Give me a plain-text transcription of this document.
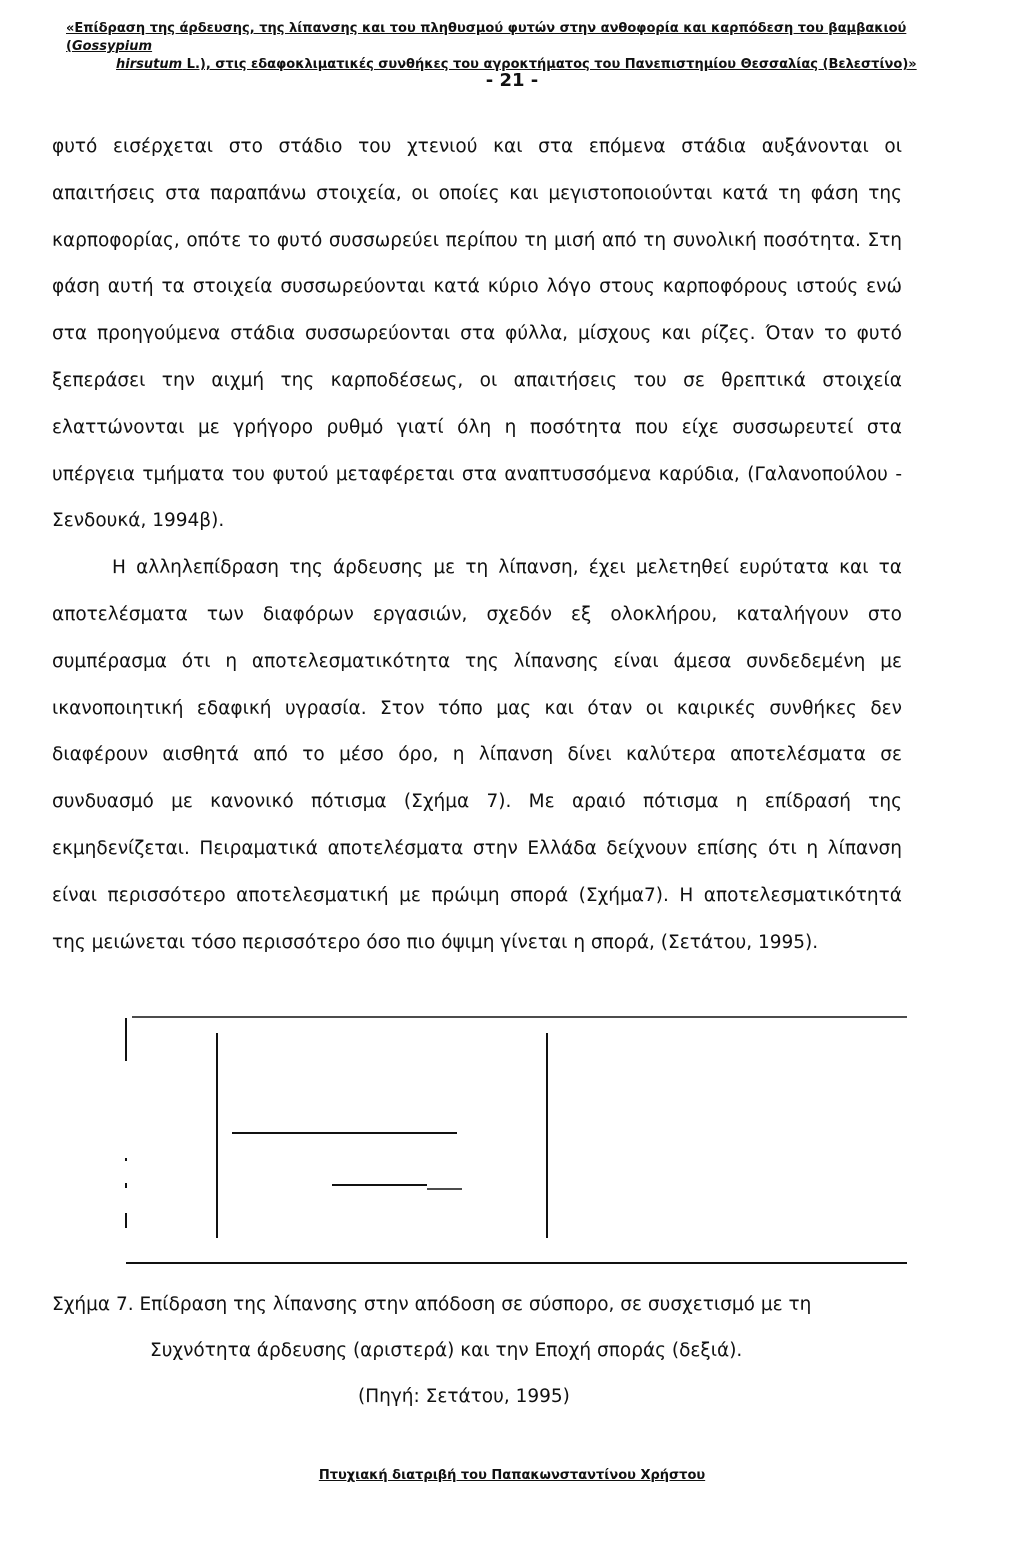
«Επίδραση της άρδευσης, της λίπανσης και του πληθυσμού φυτών στην ανθοφορία και καρπόδεση του βαμβακιού (Gossypium
hirsutum L.), στις εδαφοκλιματικές συνθήκες του αγροκτήματος του Πανεπιστημίου Θεσσαλίας (Βελεστίνο)»
- 21 -

φυτό εισέρχεται στο στάδιο του χτενιού και στα επόμενα στάδια αυξάνονται οι απαιτήσεις στα παραπάνω στοιχεία, οι οποίες και μεγιστοποιούνται κατά τη φάση της καρποφορίας, οπότε το φυτό συσσωρεύει περίπου τη μισή από τη συνολική ποσότητα. Στη φάση αυτή τα στοιχεία συσσωρεύονται κατά κύριο λόγο στους καρποφόρους ιστούς ενώ στα προηγούμενα στάδια συσσωρεύονται στα φύλλα, μίσχους και ρίζες. Όταν το φυτό ξεπεράσει την αιχμή της καρποδέσεως, οι απαιτήσεις του σε θρεπτικά στοιχεία ελαττώνονται με γρήγορο ρυθμό γιατί όλη η ποσότητα που είχε συσσωρευτεί στα υπέργεια τμήματα του φυτού μεταφέρεται στα αναπτυσσόμενα καρύδια, (Γαλανοπούλου - Σενδουκά, 1994β).

Η αλληλεπίδραση της άρδευσης με τη λίπανση, έχει μελετηθεί ευρύτατα και τα αποτελέσματα των διαφόρων εργασιών, σχεδόν εξ ολοκλήρου, καταλήγουν στο συμπέρασμα ότι η αποτελεσματικότητα της λίπανσης είναι άμεσα συνδεδεμένη με ικανοποιητική εδαφική υγρασία. Στον τόπο μας και όταν οι καιρικές συνθήκες δεν διαφέρουν αισθητά από το μέσο όρο, η λίπανση δίνει καλύτερα αποτελέσματα σε συνδυασμό με κανονικό πότισμα (Σχήμα 7). Με αραιό πότισμα η επίδρασή της εκμηδενίζεται. Πειραματικά αποτελέσματα στην Ελλάδα δείχνουν επίσης ότι η λίπανση είναι περισσότερο αποτελεσματική με πρώιμη σπορά (Σχήμα7). Η αποτελεσματικότητά της μειώνεται τόσο περισσότερο όσο πιο όψιμη γίνεται η σπορά, (Σετάτου, 1995).

Σχήμα 7. Επίδραση της λίπανσης στην απόδοση σε σύσπορο, σε συσχετισμό με τη
Συχνότητα άρδευσης (αριστερά) και την Εποχή σποράς (δεξιά).
(Πηγή: Σετάτου, 1995)
Πτυχιακή διατριβή του Παπακωνσταντίνου Χρήστου
